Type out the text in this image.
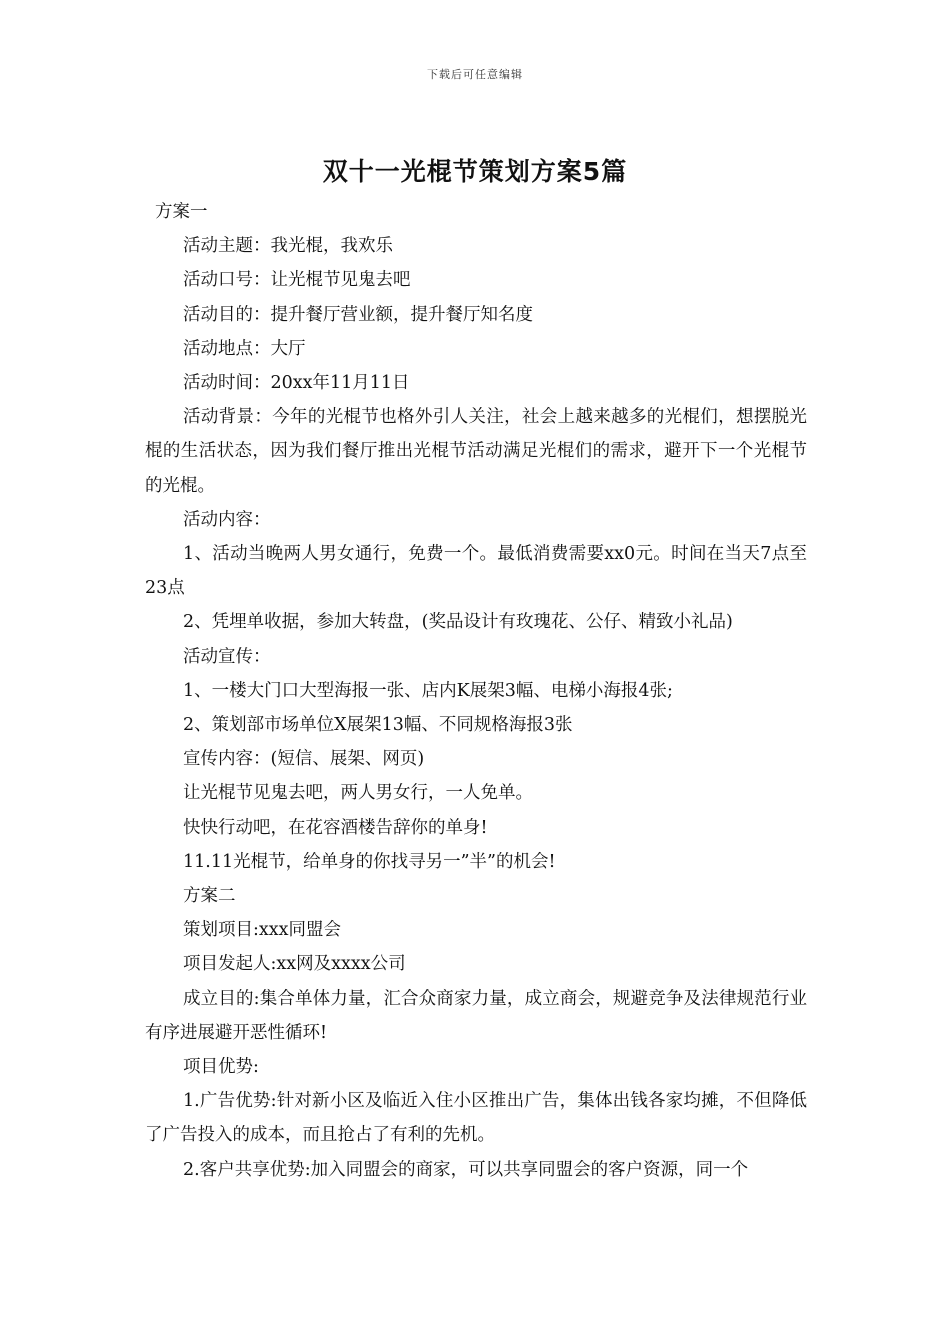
下载后可任意编辑
双十一光棍节策划方案5篇

方案一

活动主题：我光棍，我欢乐

活动口号：让光棍节见鬼去吧

活动目的：提升餐厅营业额，提升餐厅知名度

活动地点：大厅

活动时间：20xx年11月11日

活动背景：今年的光棍节也格外引人关注，社会上越来越多的光棍们，想摆脱光棍的生活状态，因为我们餐厅推出光棍节活动满足光棍们的需求，避开下一个光棍节的光棍。

活动内容：

1、活动当晚两人男女通行，免费一个。最低消费需要xx0元。时间在当天7点至23点

2、凭埋单收据，参加大转盘，(奖品设计有玫瑰花、公仔、精致小礼品)

活动宣传：

1、一楼大门口大型海报一张、店内K展架3幅、电梯小海报4张;

2、策划部市场单位X展架13幅、不同规格海报3张

宣传内容：(短信、展架、网页)

让光棍节见鬼去吧，两人男女行，一人免单。

快快行动吧，在花容酒楼告辞你的单身!

11.11光棍节，给单身的你找寻另一”半”的机会!

方案二

策划项目:xxx同盟会

项目发起人:xx网及xxxx公司

成立目的:集合单体力量，汇合众商家力量，成立商会，规避竞争及法律规范行业有序进展避开恶性循环!

项目优势:

1.广告优势:针对新小区及临近入住小区推出广告，集体出钱各家均摊，不但降低了广告投入的成本，而且抢占了有利的先机。

2.客户共享优势:加入同盟会的商家，可以共享同盟会的客户资源，同一个
